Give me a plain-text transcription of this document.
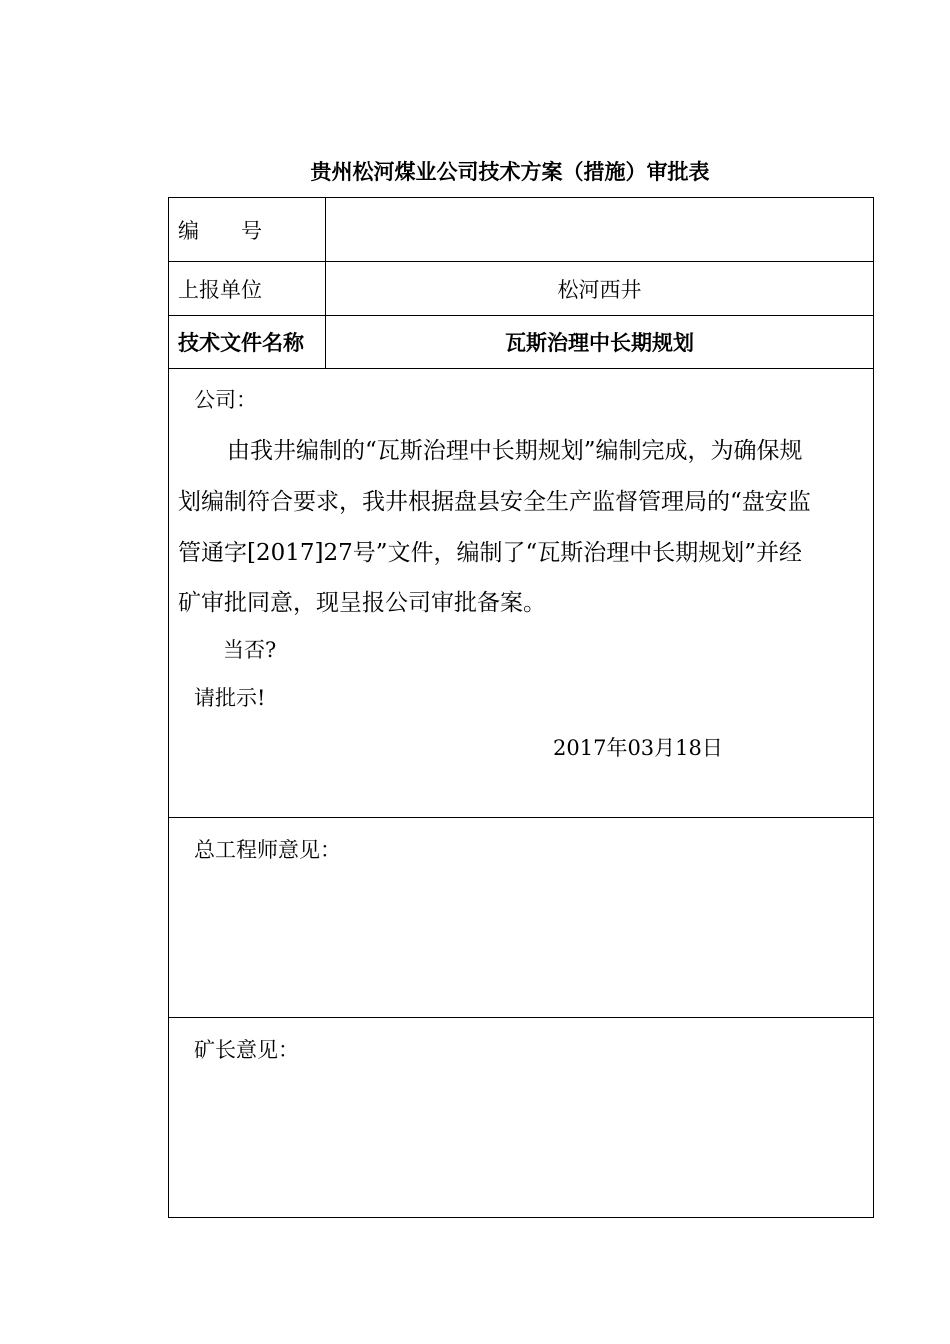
贵州松河煤业公司技术方案（措施）审批表
编 号
上报单位	松河西井
技术文件名称	瓦斯治理中长期规划
公司：
由我井编制的“瓦斯治理中长期规划”编制完成，为确保规
划编制符合要求，我井根据盘县安全生产监督管理局的“盘安监
管通字[2017]27号”文件，编制了“瓦斯治理中长期规划”并经
矿审批同意，现呈报公司审批备案。
当否?
请批示!
2017年03月18日
总工程师意见：
矿长意见：
